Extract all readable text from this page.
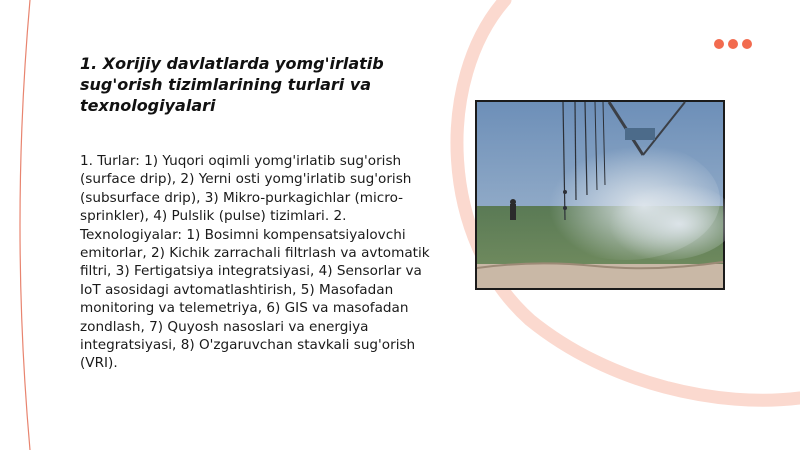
1. Xorijiy davlatlarda yomg'irlatib sug'orish tizimlarining turlari va texnologiyalari

1. Turlar: 1) Yuqori oqimli yomg'irlatib sug'orish (surface drip), 2) Yerni osti yomg'irlatib sug'orish (subsurface drip), 3) Mikro-purkagichlar (micro-sprinkler), 4) Pulslik (pulse) tizimlari. 2. Texnologiyalar: 1) Bosimni kompensatsiyalovchi emitorlar, 2) Kichik zarrachali filtrlash va avtomatik filtri, 3) Fertigatsiya integratsiyasi, 4) Sensorlar va IoT asosidagi avtomatlashtirish, 5) Masofadan monitoring va telemetriya, 6) GIS va masofadan zondlash, 7) Quyosh nasoslari va energiya integratsiyasi, 8) O'zgaruvchan stavkali sug'orish (VRI).
